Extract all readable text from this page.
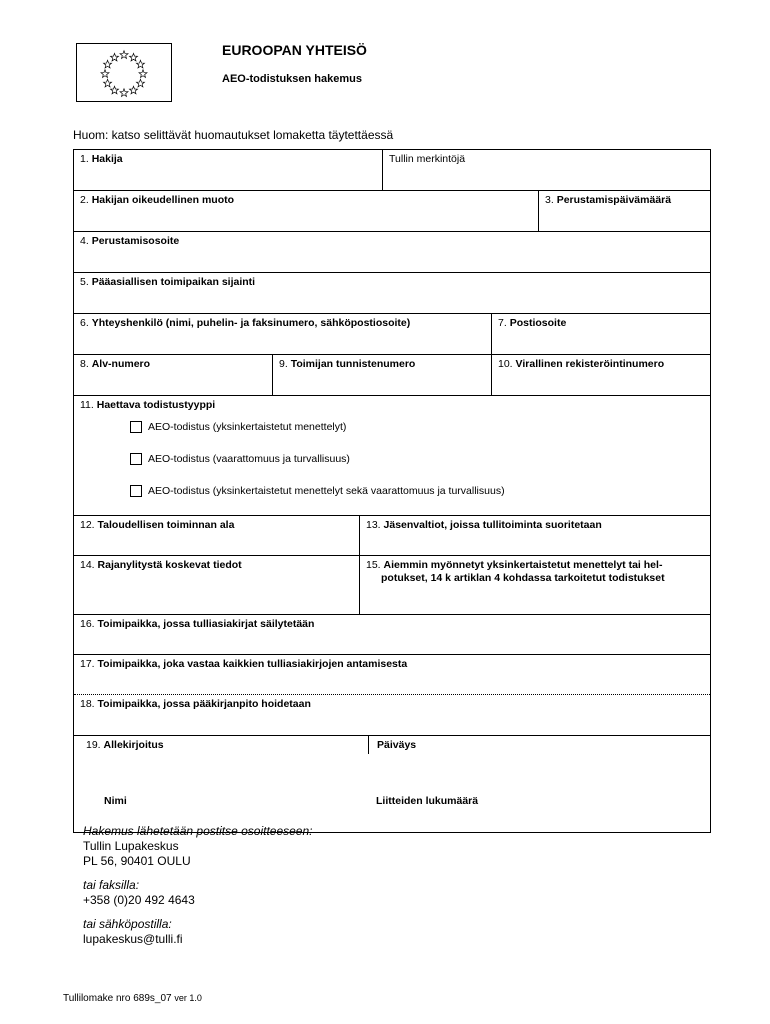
EUROOPAN YHTEISÖ
AEO-todistuksen hakemus
Huom: katso selittävät huomautukset lomaketta täytettäessä
1. Hakija	Tullin merkintöjä
2. Hakijan oikeudellinen muoto	3. Perustamispäivämäärä
4. Perustamisosoite
5. Pääasiallisen toimipaikan sijainti
6. Yhteyshenkilö (nimi, puhelin- ja faksinumero, sähköpostiosoite)	7. Postiosoite
8. Alv-numero	9. Toimijan tunnistenumero	10. Virallinen rekisteröintinumero
11. Haettava todistustyyppi
AEO-todistus (yksinkertaistetut menettelyt)
AEO-todistus (vaarattomuus ja turvallisuus)
AEO-todistus (yksinkertaistetut menettelyt sekä vaarattomuus ja turvallisuus)
12. Taloudellisen toiminnan ala	13. Jäsenvaltiot, joissa tullitoiminta suoritetaan
14. Rajanylitystä koskevat tiedot	15. Aiemmin myönnetyt yksinkertaistetut menettelyt tai hel-
potukset, 14 k artiklan 4 kohdassa tarkoitetut todistukset
16. Toimipaikka, jossa tulliasiakirjat säilytetään
17. Toimipaikka, joka vastaa kaikkien tulliasiakirjojen antamisesta
18. Toimipaikka, jossa pääkirjanpito hoidetaan
19. Allekirjoitus	Päiväys
Nimi	Liitteiden lukumäärä
Hakemus lähetetään postitse osoitteeseen:
Tullin Lupakeskus
PL 56, 90401 OULU
tai faksilla:
+358 (0)20 492 4643
tai sähköpostilla:
lupakeskus@tulli.fi
Tullilomake nro 689s_07 ver 1.0
